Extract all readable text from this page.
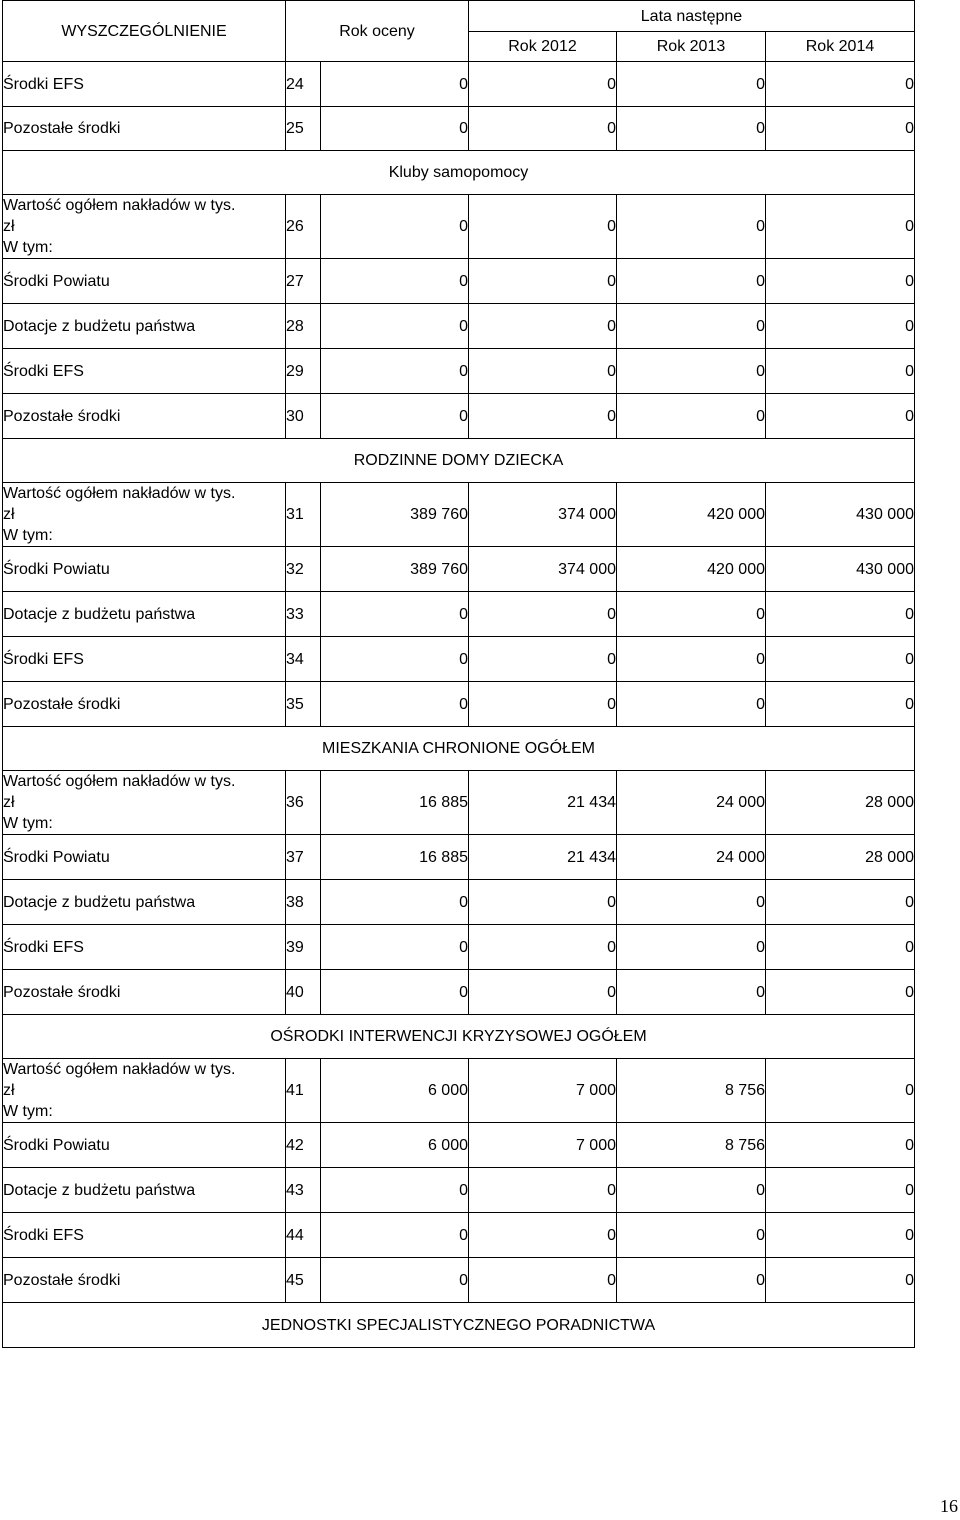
WYSZCZEGÓLNIENIE	Rok oceny		Lata następne		
			Rok 2012	Rok 2013	Rok 2014
Środki EFS	24	0	0	0	0
Pozostałe środki	25	0	0	0	0
Kluby samopomocy					

Wartość ogółem nakładów w tys.
zł
W tym:	26	0	0	0	0
Środki Powiatu	27	0	0	0	0
Dotacje z budżetu państwa	28	0	0	0	0
Środki EFS	29	0	0	0	0
Pozostałe środki	30	0	0	0	0
RODZINNE DOMY DZIECKA					

Wartość ogółem nakładów w tys.
zł
W tym:	31	389 760	374 000	420 000	430 000
Środki Powiatu	32	389 760	374 000	420 000	430 000
Dotacje z budżetu państwa	33	0	0	0	0
Środki EFS	34	0	0	0	0
Pozostałe środki	35	0	0	0	0
MIESZKANIA CHRONIONE OGÓŁEM					

Wartość ogółem nakładów w tys.
zł
W tym:	36	16 885	21 434	24 000	28 000
Środki Powiatu	37	16 885	21 434	24 000	28 000
Dotacje z budżetu państwa	38	0	0	0	0
Środki EFS	39	0	0	0	0
Pozostałe środki	40	0	0	0	0
OŚRODKI INTERWENCJI KRYZYSOWEJ OGÓŁEM					

Wartość ogółem nakładów w tys.
zł
W tym:	41	6 000	7 000	8 756	0
Środki Powiatu	42	6 000	7 000	8 756	0
Dotacje z budżetu państwa	43	0	0	0	0
Środki EFS	44	0	0	0	0
Pozostałe środki	45	0	0	0	0
JEDNOSTKI SPECJALISTYCZNEGO PORADNICTWA					
16
